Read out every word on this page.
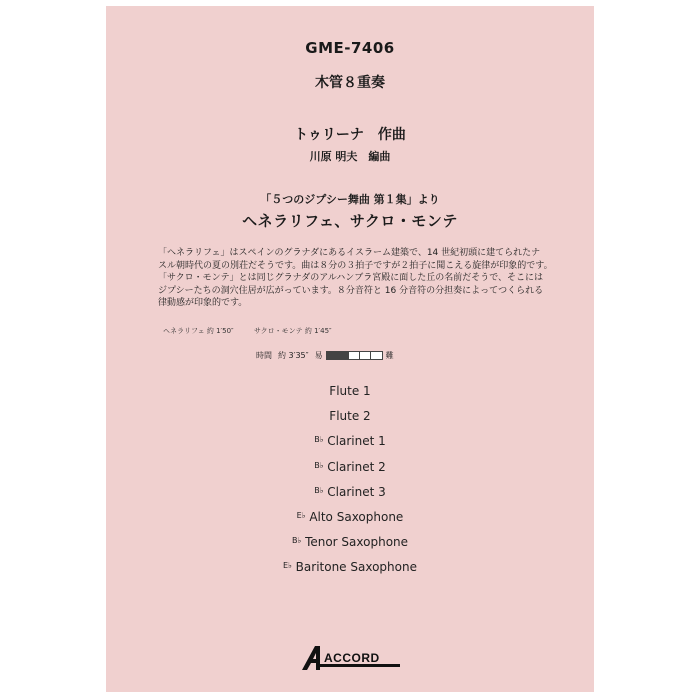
GME-7406
木管８重奏
トゥリーナ　作曲
川原 明夫　編曲
「５つのジプシー舞曲 第１集」より
ヘネラリフェ、サクロ・モンテ

「ヘネラリフェ」はスペインのグラナダにあるイスラーム建築で、14 世紀初頭に建てられたナ

スル朝時代の夏の別荘だそうです。曲は８分の３拍子ですが２拍子に聞こえる旋律が印象的です。

「サクロ・モンテ」とは同じグラナダのアルハンブラ宮殿に面した丘の名前だそうで、そこには

ジプシーたちの洞穴住居が広がっています。８分音符と 16 分音符の分担奏によってつくられる

律動感が印象的です。

ヘネラリフェ 約 1′50″	サクロ・モンテ 約 1′45″
時間 約 3′35″ 易	難
Flute 1
Flute 2
$^{B♭}$ Clarinet 1
$^{B♭}$ Clarinet 2
$^{B♭}$ Clarinet 3
$^{E♭}$ Alto Saxophone
$^{B♭}$ Tenor Saxophone
$^{E♭}$ Baritone Saxophone
ACCORD
